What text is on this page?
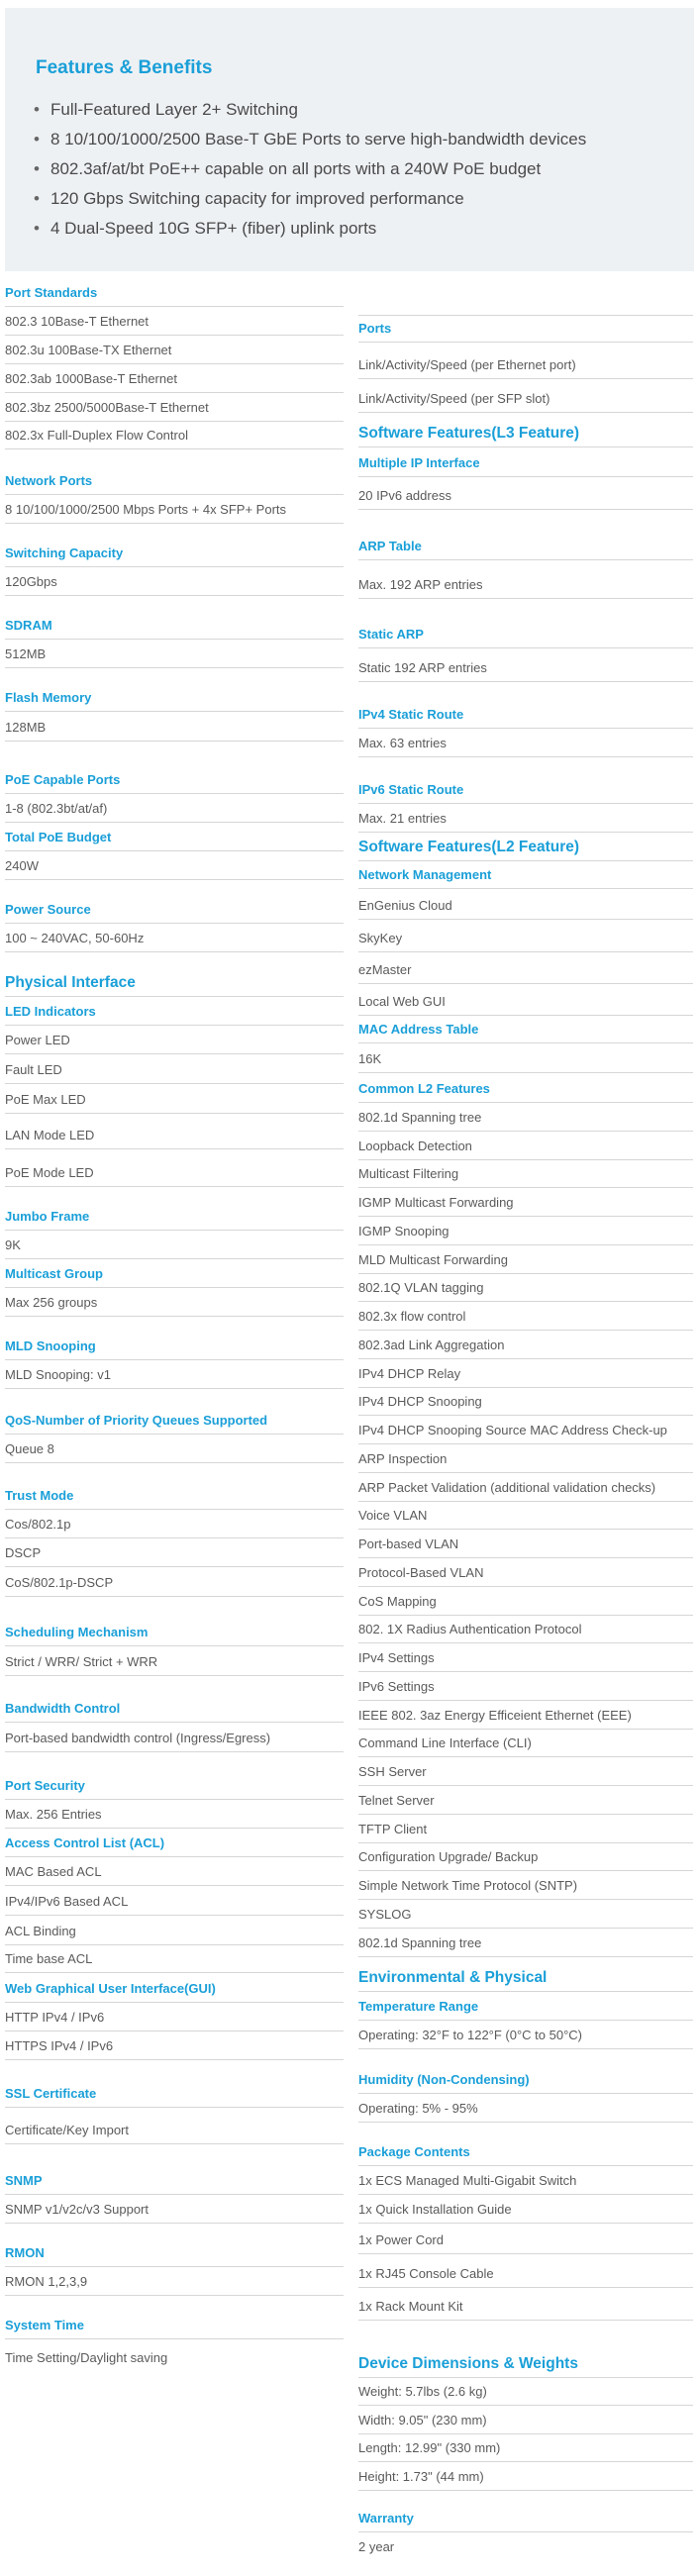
Features & Benefits
• Full-Featured Layer 2+ Switching
• 8 10/100/1000/2500 Base-T GbE Ports to serve high-bandwidth devices
• 802.3af/at/bt PoE++ capable on all ports with a 240W PoE budget
• 120 Gbps Switching capacity for improved performance
• 4 Dual-Speed 10G SFP+ (fiber) uplink ports
Port Standards
802.3 10Base-T Ethernet
802.3u 100Base-TX Ethernet
802.3ab 1000Base-T Ethernet
802.3bz 2500/5000Base-T Ethernet
802.3x Full-Duplex Flow Control
Network Ports
8 10/100/1000/2500 Mbps Ports + 4x SFP+ Ports
Switching Capacity
120Gbps
SDRAM
512MB
Flash Memory
128MB
PoE Capable Ports
1-8 (802.3bt/at/af)
Total PoE Budget
240W
Power Source
100 ~ 240VAC, 50-60Hz
Physical Interface
LED Indicators
Power LED
Fault LED
PoE Max LED
LAN Mode LED
PoE Mode LED
Jumbo Frame
9K
Multicast Group
Max 256 groups
MLD Snooping
MLD Snooping: v1
QoS-Number of Priority Queues Supported
Queue 8
Trust Mode
Cos/802.1p
DSCP
CoS/802.1p-DSCP
Scheduling Mechanism
Strict / WRR/ Strict + WRR
Bandwidth Control
Port-based bandwidth control (Ingress/Egress)
Port Security
Max. 256 Entries
Access Control List (ACL)
MAC Based ACL
IPv4/IPv6 Based ACL
ACL Binding
Time base ACL
Web Graphical User Interface(GUI)
HTTP IPv4 / IPv6
HTTPS IPv4 / IPv6
SSL Certificate
Certificate/Key Import
SNMP
SNMP v1/v2c/v3 Support
RMON
RMON 1,2,3,9
System Time
Time Setting/Daylight saving
Ports
Link/Activity/Speed (per Ethernet port)
Link/Activity/Speed (per SFP slot)
Software Features(L3 Feature)
Multiple IP Interface
20 IPv6 address
ARP Table
Max. 192 ARP entries
Static ARP
Static 192 ARP entries
IPv4 Static Route
Max. 63 entries
IPv6 Static Route
Max. 21 entries
Software Features(L2 Feature)
Network Management
EnGenius Cloud
SkyKey
ezMaster
Local Web GUI
MAC Address Table
16K
Common L2 Features
802.1d Spanning tree
Loopback Detection
Multicast Filtering
IGMP Multicast Forwarding
IGMP Snooping
MLD Multicast Forwarding
802.1Q VLAN tagging
802.3x flow control
802.3ad Link Aggregation
IPv4 DHCP Relay
IPv4 DHCP Snooping
IPv4 DHCP Snooping Source MAC Address Check-up
ARP Inspection
ARP Packet Validation (additional validation checks)
Voice VLAN
Port-based VLAN
Protocol-Based VLAN
CoS Mapping
802. 1X Radius Authentication Protocol
IPv4 Settings
IPv6 Settings
IEEE 802. 3az Energy Efficeient Ethernet (EEE)
Command Line Interface (CLI)
SSH Server
Telnet Server
TFTP Client
Configuration Upgrade/ Backup
Simple Network Time Protocol (SNTP)
SYSLOG
802.1d Spanning tree
Environmental & Physical
Temperature Range
Operating: 32°F to 122°F (0°C to 50°C)
Humidity (Non-Condensing)
Operating: 5% - 95%
Package Contents
1x ECS Managed Multi-Gigabit Switch
1x Quick Installation Guide
1x Power Cord
1x RJ45 Console Cable
1x Rack Mount Kit
Device Dimensions & Weights
Weight: 5.7lbs (2.6 kg)
Width: 9.05" (230 mm)
Length: 12.99" (330 mm)
Height: 1.73" (44 mm)
Warranty
2 year
